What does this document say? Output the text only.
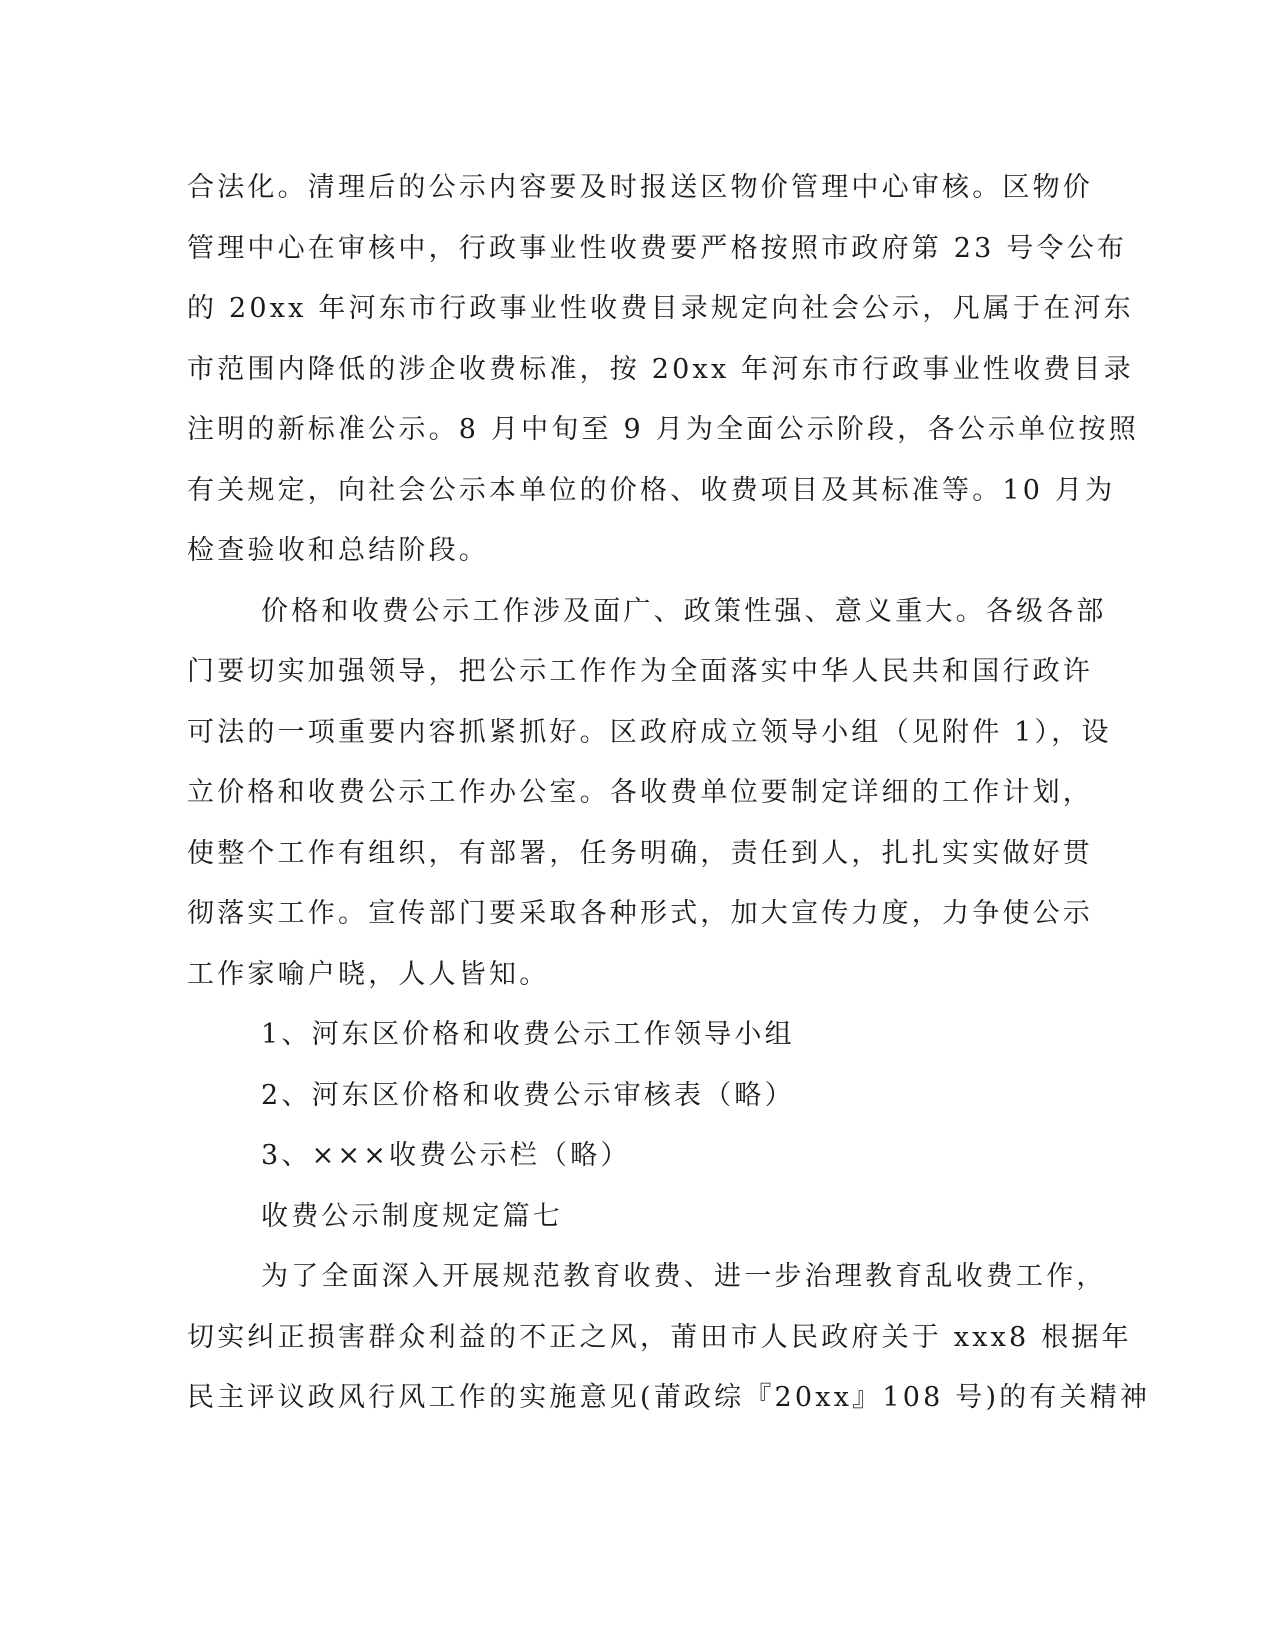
合法化。清理后的公示内容要及时报送区物价管理中心审核。区物价
管理中心在审核中，行政事业性收费要严格按照市政府第 23 号令公布
的 20xx 年河东市行政事业性收费目录规定向社会公示，凡属于在河东
市范围内降低的涉企收费标准，按 20xx 年河东市行政事业性收费目录
注明的新标准公示。8 月中旬至 9 月为全面公示阶段，各公示单位按照
有关规定，向社会公示本单位的价格、收费项目及其标准等。10 月为
检查验收和总结阶段。
价格和收费公示工作涉及面广、政策性强、意义重大。各级各部
门要切实加强领导，把公示工作作为全面落实中华人民共和国行政许
可法的一项重要内容抓紧抓好。区政府成立领导小组（见附件 1），设
立价格和收费公示工作办公室。各收费单位要制定详细的工作计划，
使整个工作有组织，有部署，任务明确，责任到人，扎扎实实做好贯
彻落实工作。宣传部门要采取各种形式，加大宣传力度，力争使公示
工作家喻户晓，人人皆知。
1、河东区价格和收费公示工作领导小组
2、河东区价格和收费公示审核表（略）
3、×××收费公示栏（略）
收费公示制度规定篇七
为了全面深入开展规范教育收费、进一步治理教育乱收费工作，
切实纠正损害群众利益的不正之风，莆田市人民政府关于 xxx8 根据年
民主评议政风行风工作的实施意见(莆政综『20xx』108 号)的有关精神
